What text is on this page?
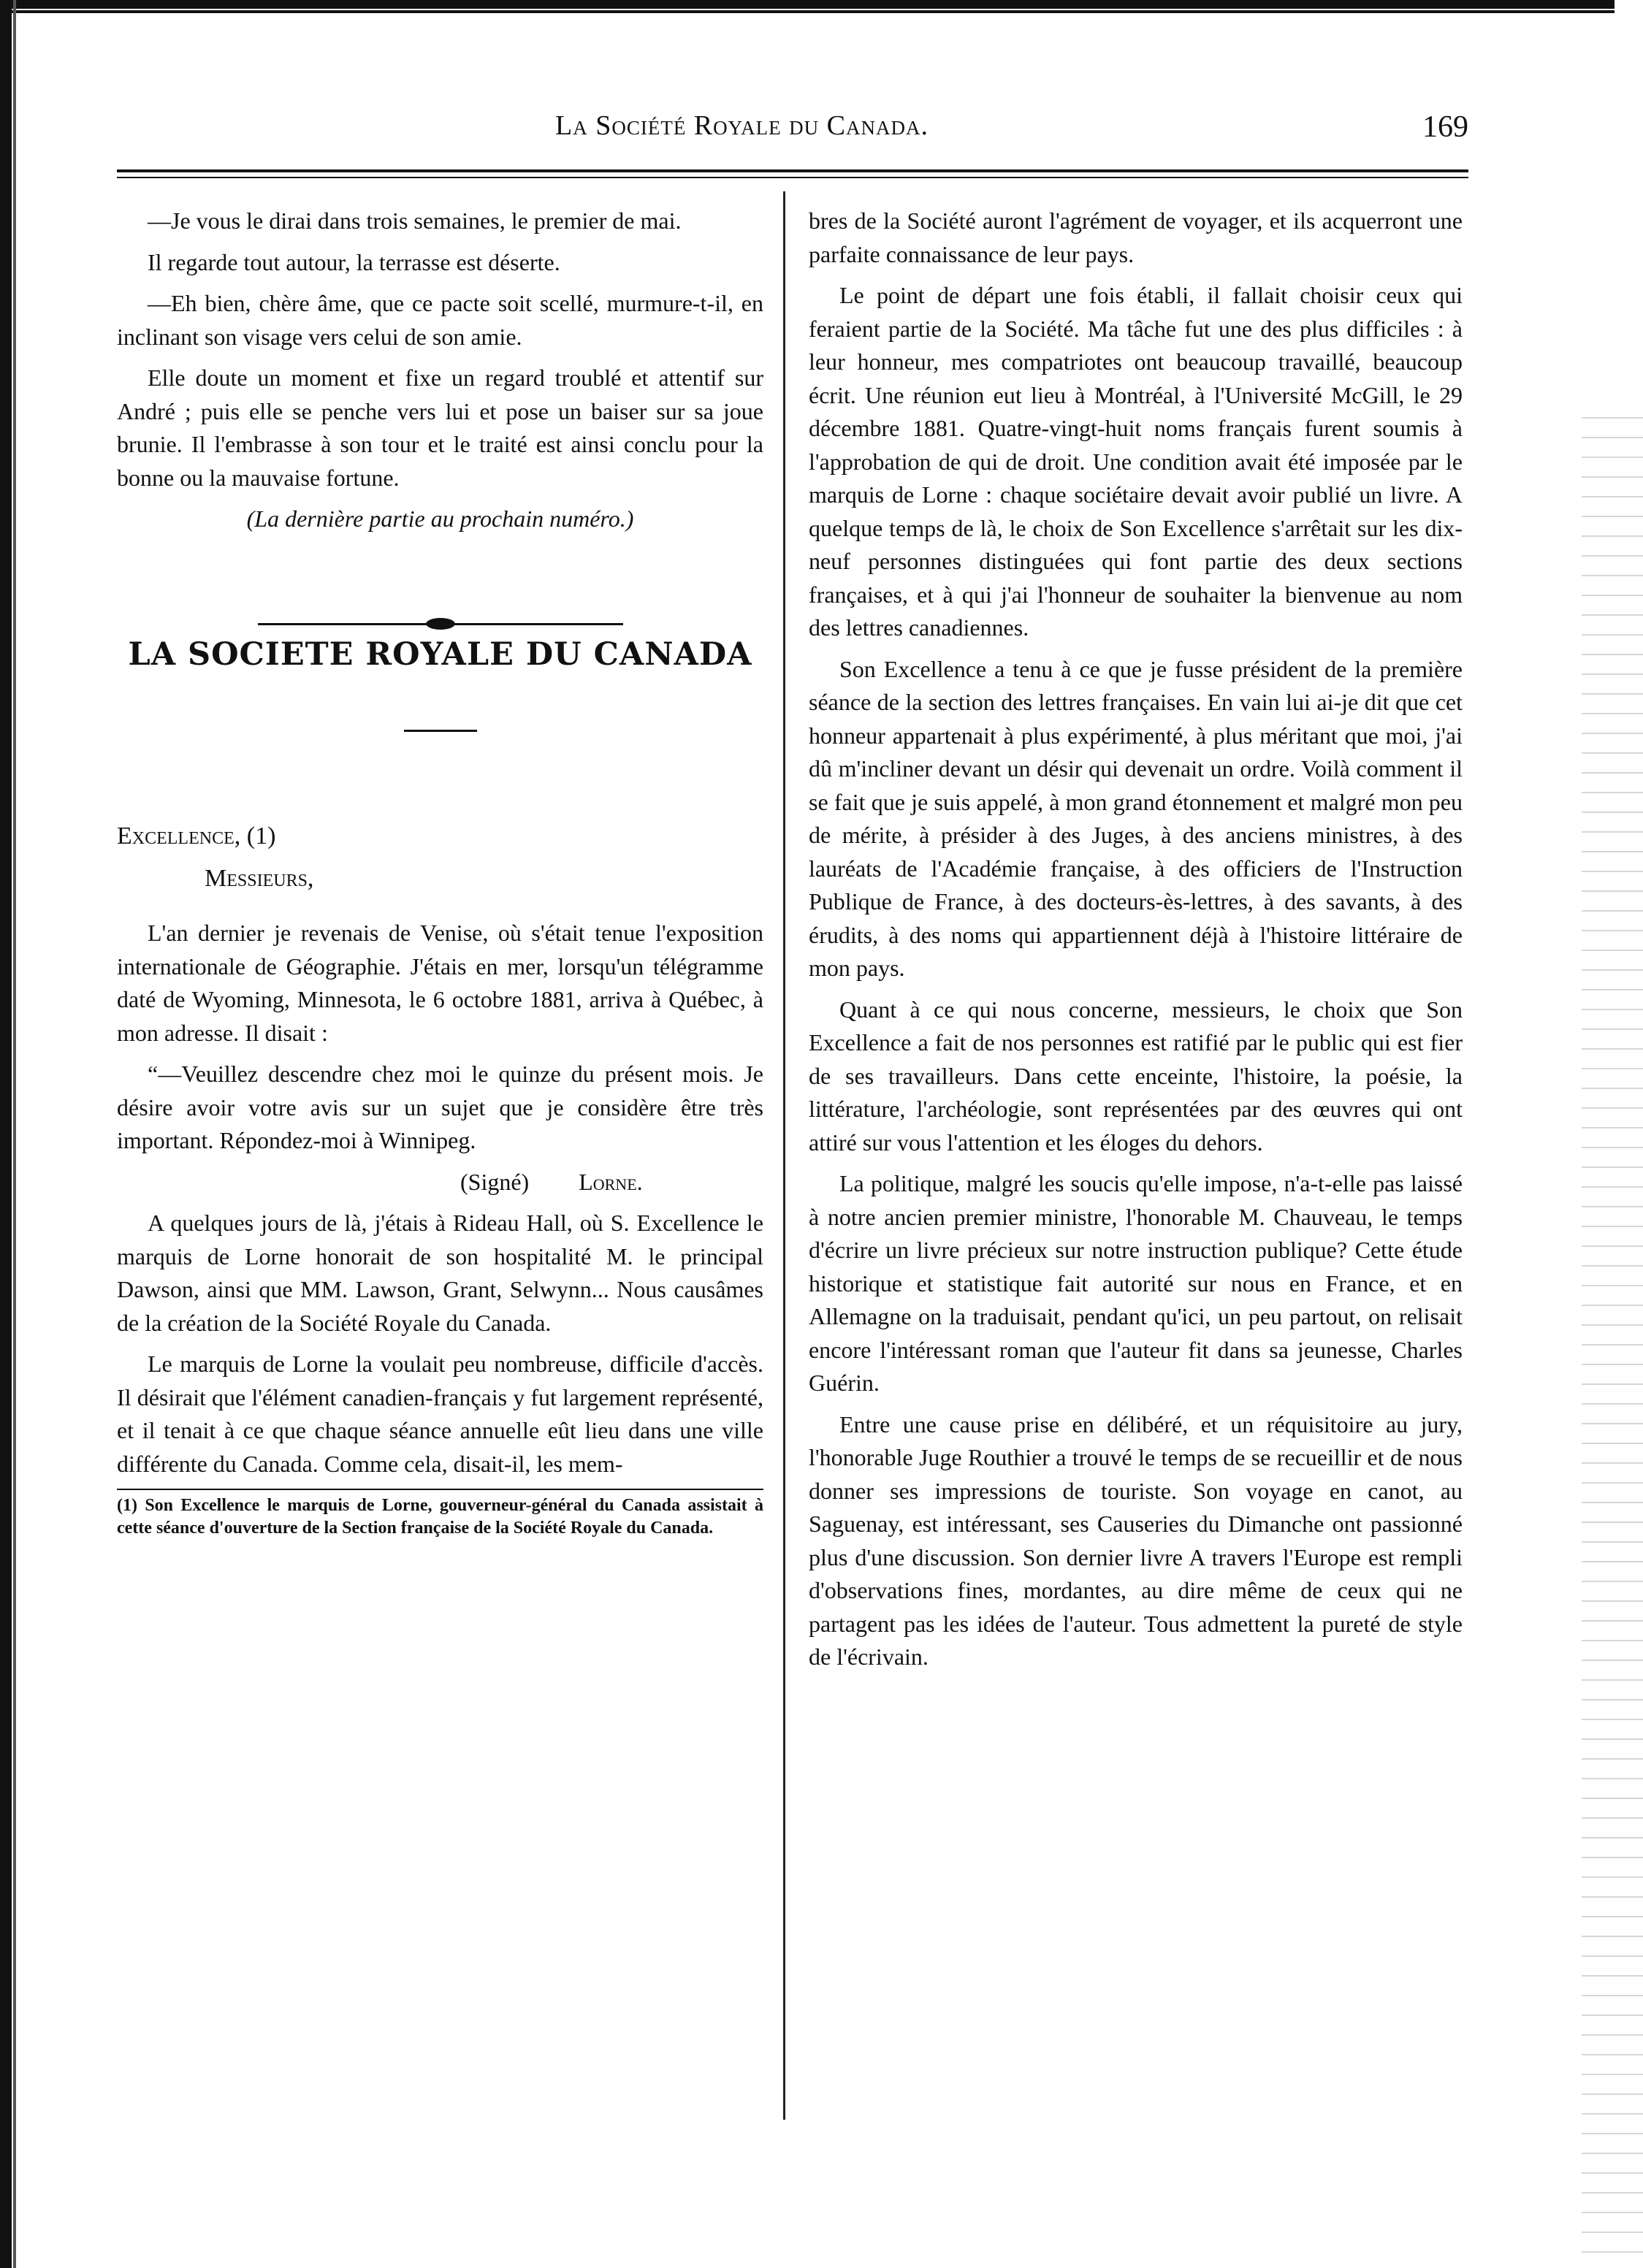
La Société Royale du Canada.	169

—Je vous le dirai dans trois semaines, le premier de mai.

Il regarde tout autour, la terrasse est déserte.

—Eh bien, chère âme, que ce pacte soit scellé, murmure-t-il, en inclinant son visage vers celui de son amie.

Elle doute un moment et fixe un regard troublé et attentif sur André ; puis elle se penche vers lui et pose un baiser sur sa joue brunie. Il l'embrasse à son tour et le traité est ainsi conclu pour la bonne ou la mauvaise fortune.

(La dernière partie au prochain numéro.)

LA SOCIETE ROYALE DU CANADA

Excellence, (1)

Messieurs,

L'an dernier je revenais de Venise, où s'était tenue l'exposition internationale de Géographie. J'étais en mer, lorsqu'un télégramme daté de Wyoming, Minnesota, le 6 octobre 1881, arriva à Québec, à mon adresse. Il disait :

“—Veuillez descendre chez moi le quinze du présent mois. Je désire avoir votre avis sur un sujet que je considère être très important. Répondez-moi à Winnipeg.

(Signé) Lorne.

A quelques jours de là, j'étais à Rideau Hall, où S. Excellence le marquis de Lorne honorait de son hospitalité M. le principal Dawson, ainsi que MM. Lawson, Grant, Selwynn... Nous causâmes de la création de la Société Royale du Canada.

Le marquis de Lorne la voulait peu nombreuse, difficile d'accès. Il désirait que l'élément canadien-français y fut largement représenté, et il tenait à ce que chaque séance annuelle eût lieu dans une ville différente du Canada. Comme cela, disait-il, les mem-

(1) Son Excellence le marquis de Lorne, gouverneur-général du Canada assistait à cette séance d'ouverture de la Section française de la Société Royale du Canada.

bres de la Société auront l'agrément de voyager, et ils acquerront une parfaite connaissance de leur pays.

Le point de départ une fois établi, il fallait choisir ceux qui feraient partie de la Société. Ma tâche fut une des plus difficiles : à leur honneur, mes compatriotes ont beaucoup travaillé, beaucoup écrit. Une réunion eut lieu à Montréal, à l'Université McGill, le 29 décembre 1881. Quatre-vingt-huit noms français furent soumis à l'approbation de qui de droit. Une condition avait été imposée par le marquis de Lorne : chaque sociétaire devait avoir publié un livre. A quelque temps de là, le choix de Son Excellence s'arrêtait sur les dix-neuf personnes distinguées qui font partie des deux sections françaises, et à qui j'ai l'honneur de souhaiter la bienvenue au nom des lettres canadiennes.

Son Excellence a tenu à ce que je fusse président de la première séance de la section des lettres françaises. En vain lui ai-je dit que cet honneur appartenait à plus expérimenté, à plus méritant que moi, j'ai dû m'incliner devant un désir qui devenait un ordre. Voilà comment il se fait que je suis appelé, à mon grand étonnement et malgré mon peu de mérite, à présider à des Juges, à des anciens ministres, à des lauréats de l'Académie française, à des officiers de l'Instruction Publique de France, à des docteurs-ès-lettres, à des savants, à des érudits, à des noms qui appartiennent déjà à l'histoire littéraire de mon pays.

Quant à ce qui nous concerne, messieurs, le choix que Son Excellence a fait de nos personnes est ratifié par le public qui est fier de ses travailleurs. Dans cette enceinte, l'histoire, la poésie, la littérature, l'archéologie, sont représentées par des œuvres qui ont attiré sur vous l'attention et les éloges du dehors.

La politique, malgré les soucis qu'elle impose, n'a-t-elle pas laissé à notre ancien premier ministre, l'honorable M. Chauveau, le temps d'écrire un livre précieux sur notre instruction publique? Cette étude historique et statistique fait autorité sur nous en France, et en Allemagne on la traduisait, pendant qu'ici, un peu partout, on relisait encore l'intéressant roman que l'auteur fit dans sa jeunesse, Charles Guérin.

Entre une cause prise en délibéré, et un réquisitoire au jury, l'honorable Juge Routhier a trouvé le temps de se recueillir et de nous donner ses impressions de touriste. Son voyage en canot, au Saguenay, est intéressant, ses Causeries du Dimanche ont passionné plus d'une discussion. Son dernier livre A travers l'Europe est rempli d'observations fines, mordantes, au dire même de ceux qui ne partagent pas les idées de l'auteur. Tous admettent la pureté de style de l'écrivain.
